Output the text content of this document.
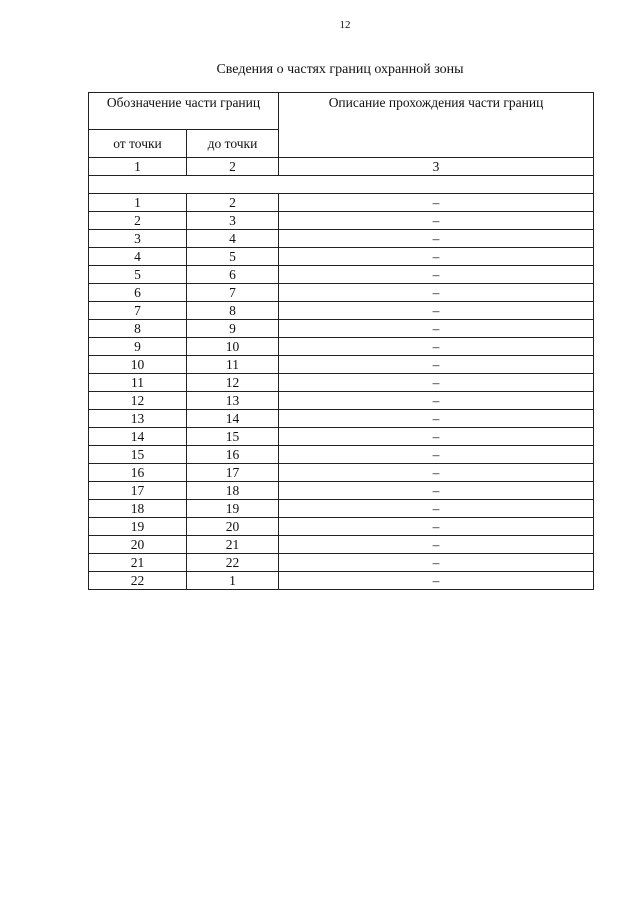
12
Сведения о частях границ охранной зоны
Обозначение части границ		Описание прохождения части границ
от точки	до точки	
1	2	3

1	2	–
2	3	–
3	4	–
4	5	–
5	6	–
6	7	–
7	8	–
8	9	–
9	10	–
10	11	–
11	12	–
12	13	–
13	14	–
14	15	–
15	16	–
16	17	–
17	18	–
18	19	–
19	20	–
20	21	–
21	22	–
22	1	–
